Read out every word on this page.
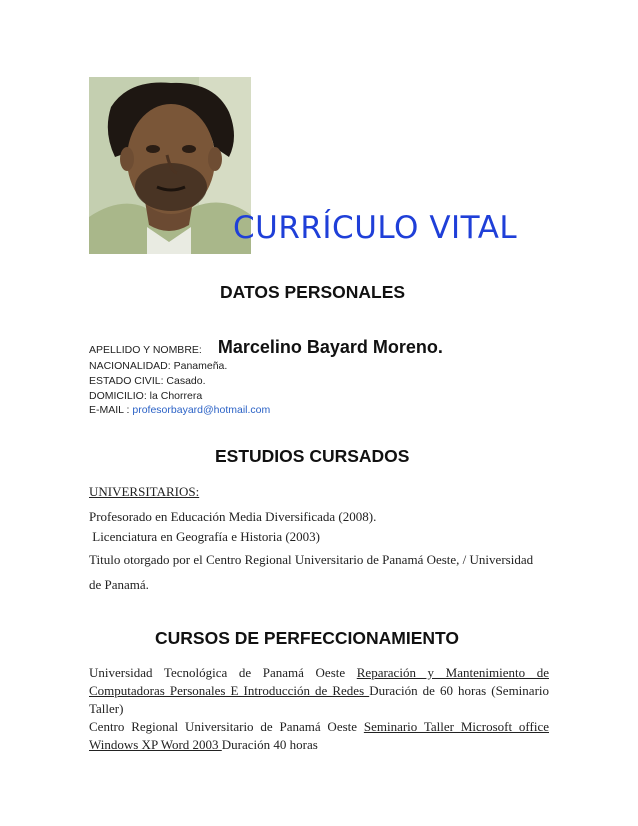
CURRÍCULO VITAL
DATOS PERSONALES
APELLIDO Y NOMBRE: Marcelino Bayard Moreno.
NACIONALIDAD: Panameña.
ESTADO CIVIL: Casado.
DOMICILIO: la Chorrera
E-MAIL : profesorbayard@hotmail.com
ESTUDIOS CURSADOS
UNIVERSITARIOS:
Profesorado en Educación Media Diversificada (2008).
Licenciatura en Geografía e Historia (2003)
Titulo otorgado por el Centro Regional Universitario de Panamá Oeste, / Universidad
de Panamá.
CURSOS DE PERFECCIONAMIENTO
Universidad Tecnológica de Panamá Oeste Reparación y Mantenimiento de
Computadoras Personales E Introducción de Redes Duración de 60 horas (Seminario
Taller)
Centro Regional Universitario de Panamá Oeste Seminario Taller Microsoft office
Windows XP Word 2003 Duración 40 horas
